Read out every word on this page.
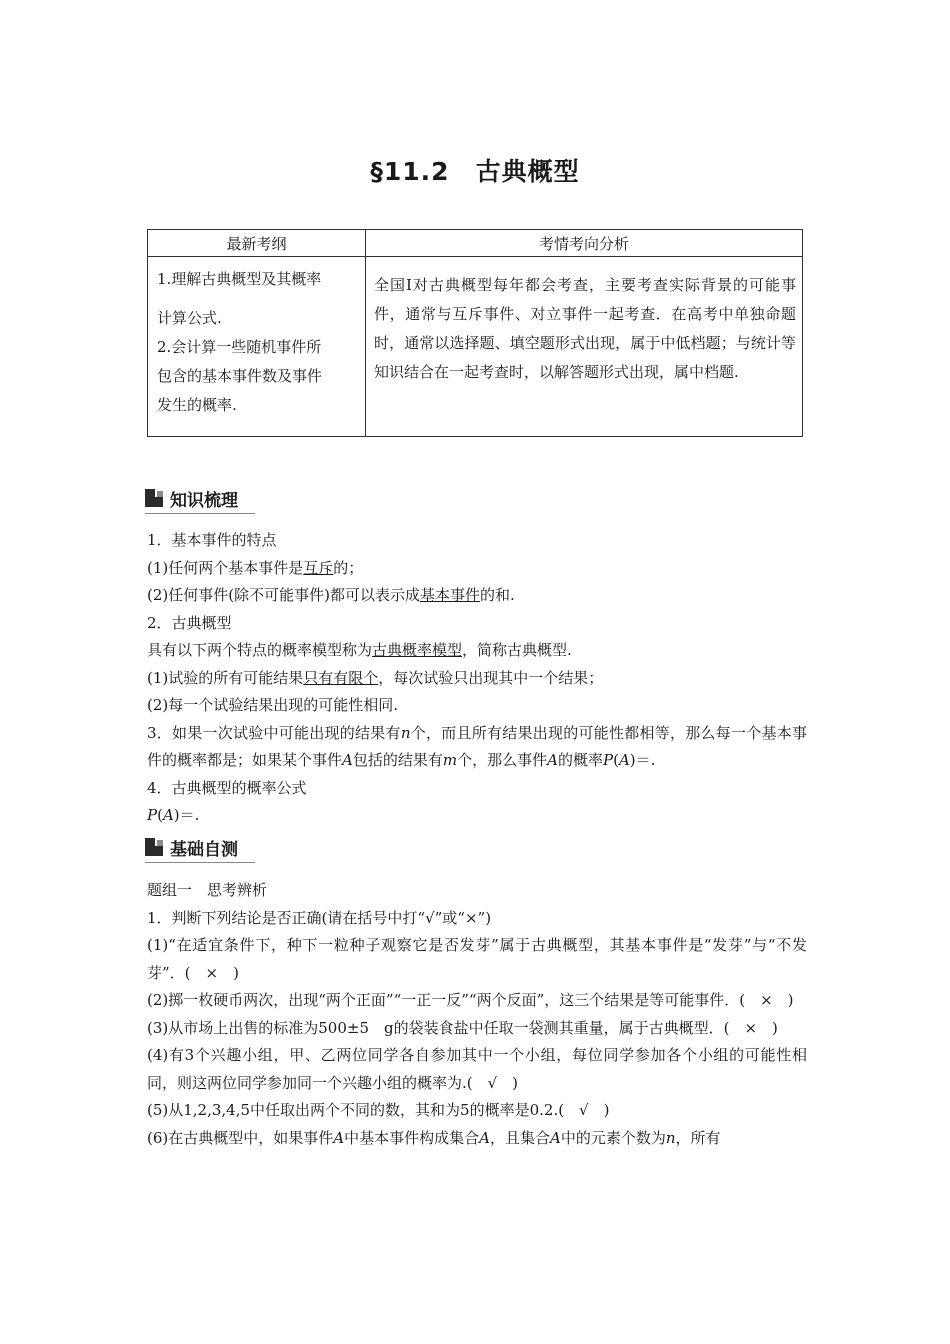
§11.2 古典概型
最新考纲	考情考向分析

1.理解古典概型及其概率
计算公式.
2.会计算一些随机事件所
包含的基本事件数及事件
发生的概率.	全国Ⅰ对古典概型每年都会考查，主要考查实际背景的可能事件，通常与互斥事件、对立事件一起考查．在高考中单独命题时，通常以选择题、填空题形式出现，属于中低档题；与统计等知识结合在一起考查时，以解答题形式出现，属中档题.
知识梳理

1．基本事件的特点

(1)任何两个基本事件是互斥的；

(2)任何事件(除不可能事件)都可以表示成基本事件的和.

2．古典概型

具有以下两个特点的概率模型称为古典概率模型，简称古典概型.

(1)试验的所有可能结果只有有限个，每次试验只出现其中一个结果；

(2)每一个试验结果出现的可能性相同.

3．如果一次试验中可能出现的结果有n个，而且所有结果出现的可能性都相等，那么每一个基本事件的概率都是；如果某个事件A包括的结果有m个，那么事件A的概率P(A)＝.

4．古典概型的概率公式

P(A)＝.

基础自测

题组一　思考辨析

1．判断下列结论是否正确(请在括号中打“√”或“×”)

(1)“在适宜条件下，种下一粒种子观察它是否发芽”属于古典概型，其基本事件是“发芽”与“不发芽”．(　×　)

(2)掷一枚硬币两次，出现“两个正面”“一正一反”“两个反面”，这三个结果是等可能事件．(　×　)

(3)从市场上出售的标准为500±5　g的袋装食盐中任取一袋测其重量，属于古典概型．(　×　)

(4)有3个兴趣小组，甲、乙两位同学各自参加其中一个小组，每位同学参加各个小组的可能性相同，则这两位同学参加同一个兴趣小组的概率为.(　√　)

(5)从1,2,3,4,5中任取出两个不同的数，其和为5的概率是0.2.(　√　)

(6)在古典概型中，如果事件A中基本事件构成集合A，且集合A中的元素个数为n，所有
